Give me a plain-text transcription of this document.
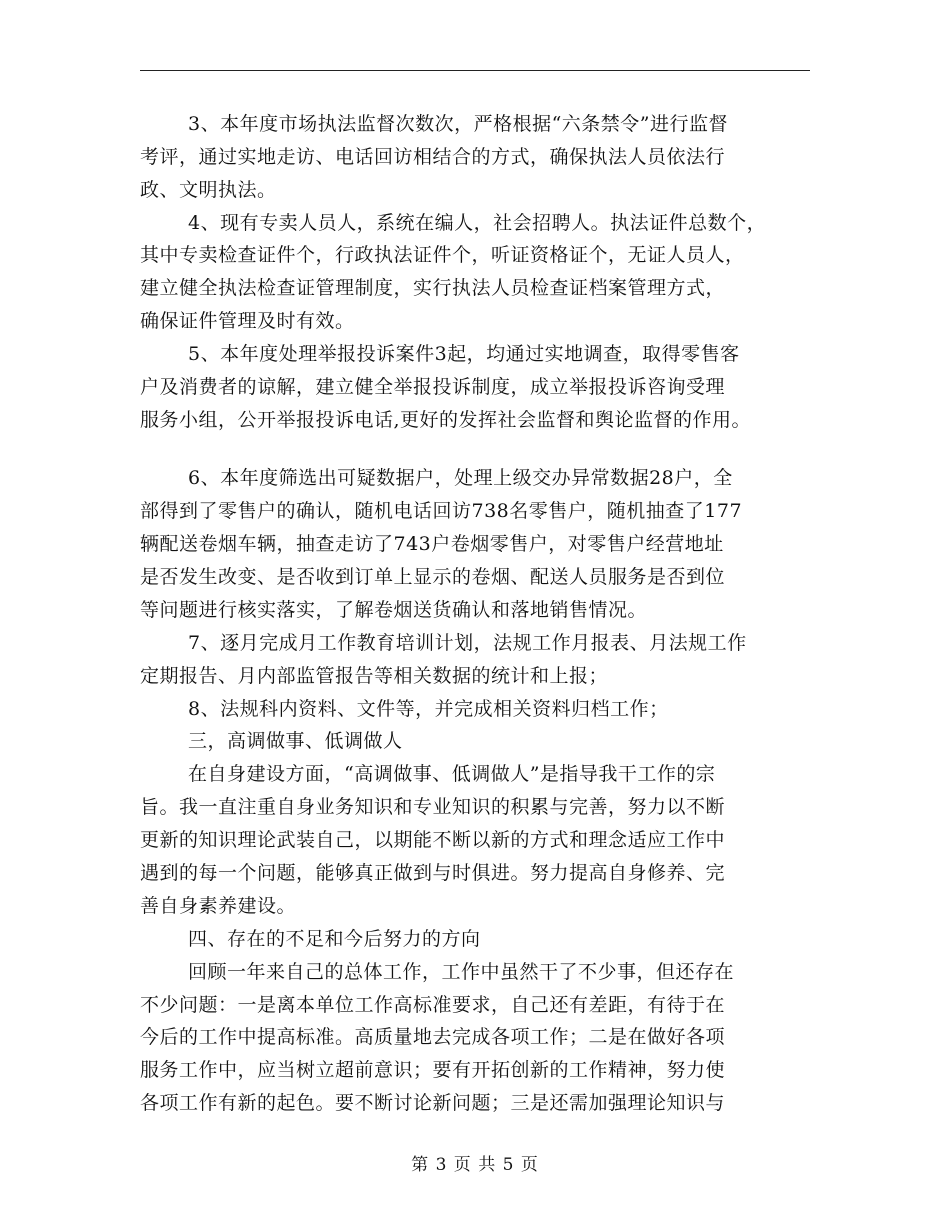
3、本年度市场执法监督次数次，严格根据“六条禁令”进行监督
考评，通过实地走访、电话回访相结合的方式，确保执法人员依法行
政、文明执法。
4、现有专卖人员人，系统在编人，社会招聘人。执法证件总数个，
其中专卖检查证件个，行政执法证件个，听证资格证个，无证人员人，
建立健全执法检查证管理制度，实行执法人员检查证档案管理方式，
确保证件管理及时有效。
5、本年度处理举报投诉案件3起，均通过实地调查，取得零售客
户及消费者的谅解，建立健全举报投诉制度，成立举报投诉咨询受理
服务小组，公开举报投诉电话,更好的发挥社会监督和舆论监督的作用。
6、本年度筛选出可疑数据户，处理上级交办异常数据28户，全
部得到了零售户的确认，随机电话回访738名零售户，随机抽查了177
辆配送卷烟车辆，抽查走访了743户卷烟零售户，对零售户经营地址
是否发生改变、是否收到订单上显示的卷烟、配送人员服务是否到位
等问题进行核实落实，了解卷烟送货确认和落地销售情况。
7、逐月完成月工作教育培训计划，法规工作月报表、月法规工作
定期报告、月内部监管报告等相关数据的统计和上报；
8、法规科内资料、文件等，并完成相关资料归档工作；
三，高调做事、低调做人
在自身建设方面，“高调做事、低调做人”是指导我干工作的宗
旨。我一直注重自身业务知识和专业知识的积累与完善，努力以不断
更新的知识理论武装自己，以期能不断以新的方式和理念适应工作中
遇到的每一个问题，能够真正做到与时俱进。努力提高自身修养、完
善自身素养建设。
四、存在的不足和今后努力的方向
回顾一年来自己的总体工作，工作中虽然干了不少事，但还存在
不少问题：一是离本单位工作高标准要求，自己还有差距，有待于在
今后的工作中提高标准。高质量地去完成各项工作；二是在做好各项
服务工作中，应当树立超前意识；要有开拓创新的工作精神，努力使
各项工作有新的起色。要不断讨论新问题；三是还需加强理论知识与
第 3 页 共 5 页
